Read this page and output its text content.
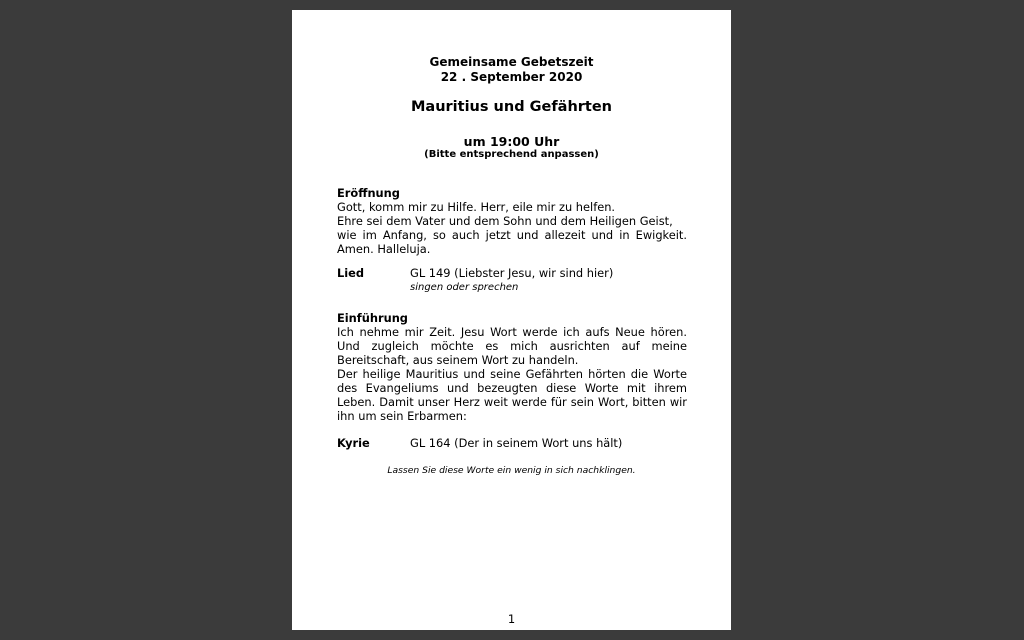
Gemeinsame Gebetszeit
22 . September 2020
Mauritius und Gefährten
um 19:00 Uhr
(Bitte entsprechend anpassen)
Eröffnung
Gott, komm mir zu Hilfe. Herr, eile mir zu helfen.
Ehre sei dem Vater und dem Sohn und dem Heiligen Geist,
wie im Anfang, so auch jetzt und allezeit und in Ewigkeit.
Amen. Halleluja.
Lied	GL 149 (Liebster Jesu, wir sind hier)
singen oder sprechen
Einführung
Ich nehme mir Zeit. Jesu Wort werde ich aufs Neue hören. Und zugleich möchte es mich ausrichten auf meine Bereitschaft, aus seinem Wort zu handeln.
Der heilige Mauritius und seine Gefährten hörten die Worte des Evangeliums und bezeugten diese Worte mit ihrem Leben. Damit unser Herz weit werde für sein Wort, bitten wir ihn um sein Erbarmen:
Kyrie	GL 164 (Der in seinem Wort uns hält)
Lassen Sie diese Worte ein wenig in sich nachklingen.
1
